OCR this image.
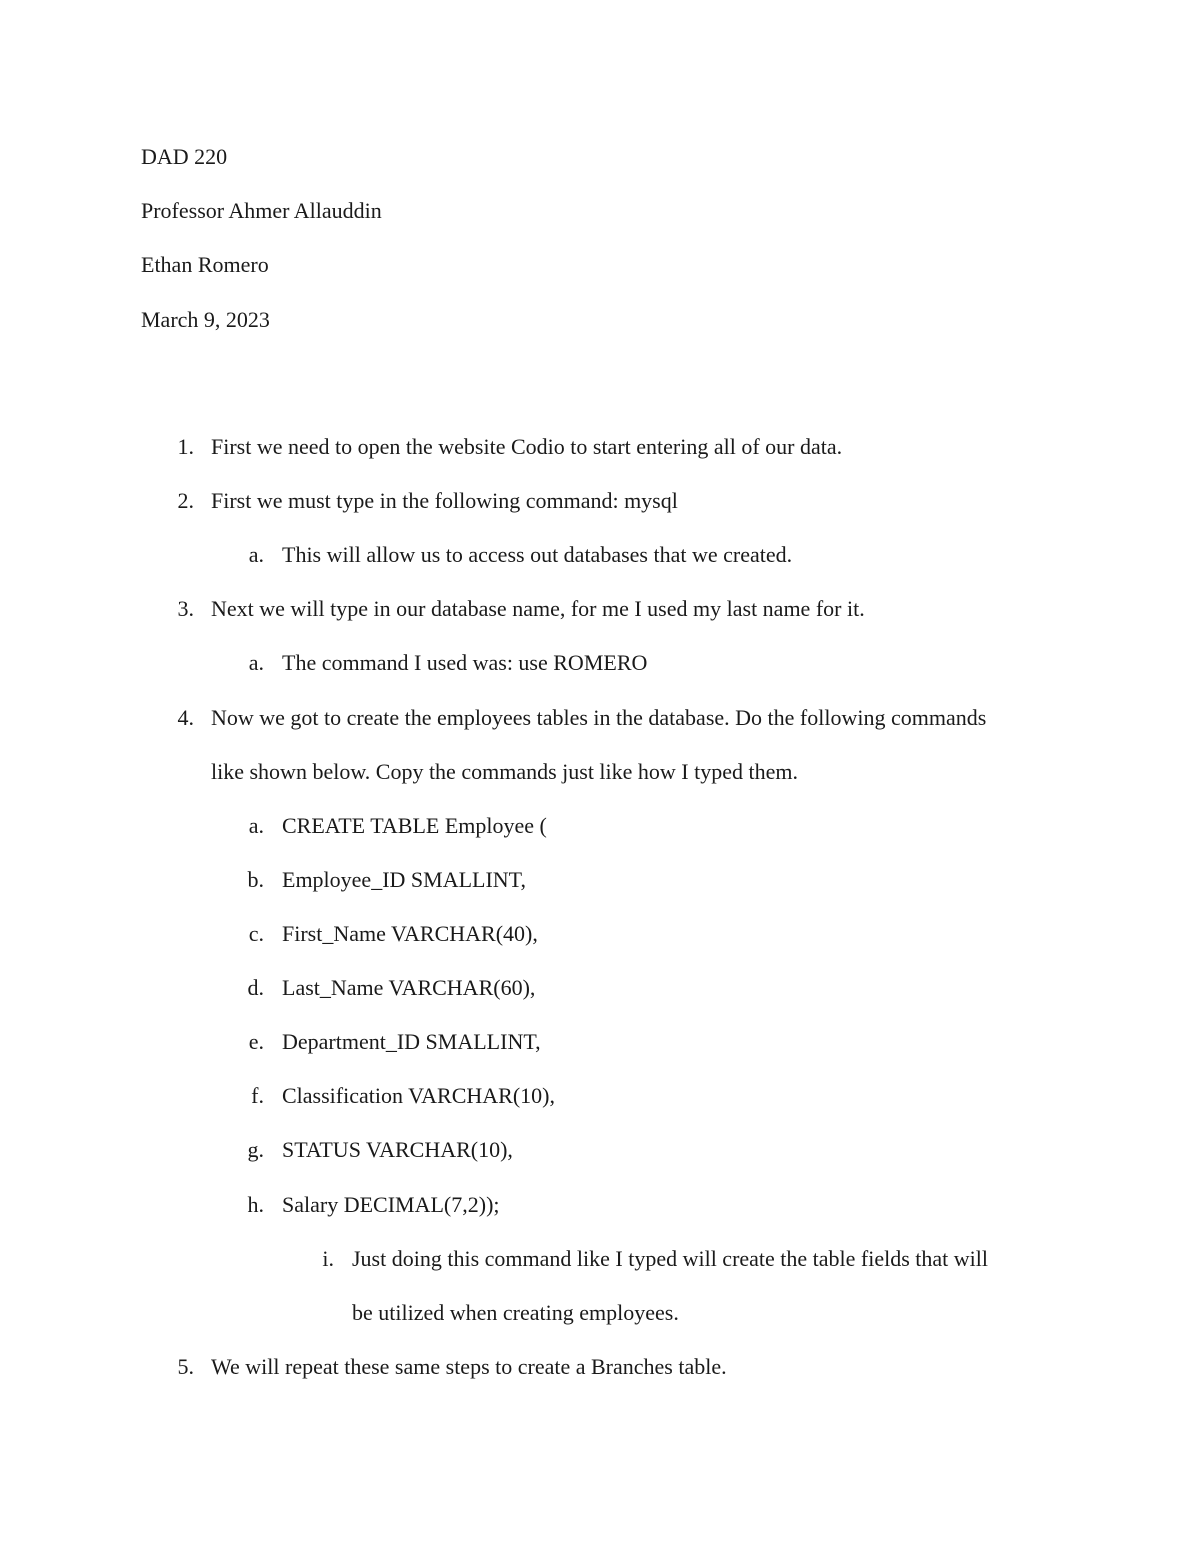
DAD 220
Professor Ahmer Allauddin
Ethan Romero
March 9, 2023
1. First we need to open the website Codio to start entering all of our data.
2. First we must type in the following command: mysql
a. This will allow us to access out databases that we created.
3. Next we will type in our database name, for me I used my last name for it.
a. The command I used was: use ROMERO
4. Now we got to create the employees tables in the database. Do the following commands
like shown below. Copy the commands just like how I typed them.
a. CREATE TABLE Employee (
b. Employee_ID SMALLINT,
c. First_Name VARCHAR(40),
d. Last_Name VARCHAR(60),
e. Department_ID SMALLINT,
f. Classification VARCHAR(10),
g. STATUS VARCHAR(10),
h. Salary DECIMAL(7,2));
i. Just doing this command like I typed will create the table fields that will
be utilized when creating employees.
5. We will repeat these same steps to create a Branches table.
